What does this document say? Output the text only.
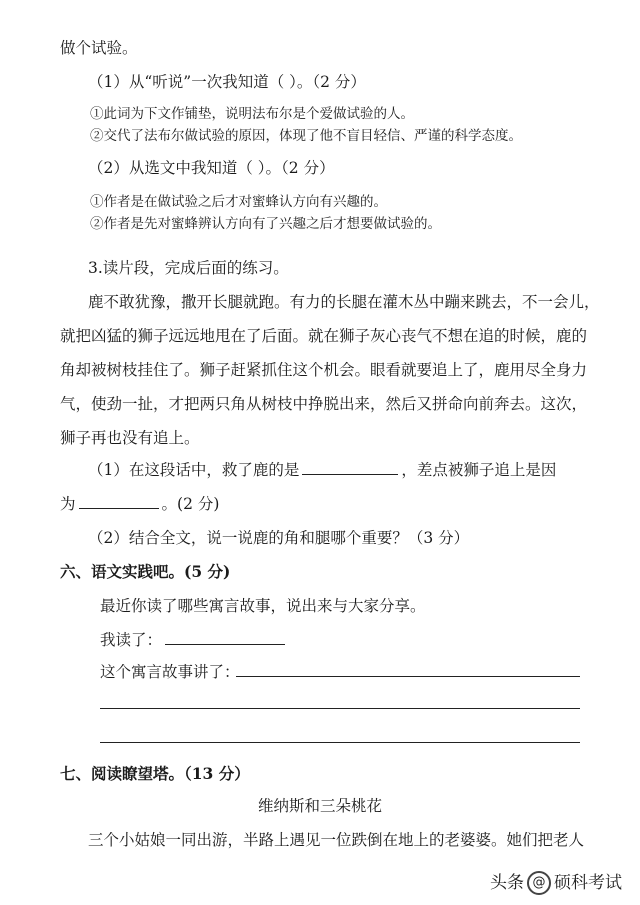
做个试验。
（1）从“听说”一次我知道（ ）。（2 分）
①此词为下文作铺垫，说明法布尔是个爱做试验的人。
②交代了法布尔做试验的原因，体现了他不盲目轻信、严谨的科学态度。
（2）从选文中我知道（ ）。（2 分）
①作者是在做试验之后才对蜜蜂认方向有兴趣的。
②作者是先对蜜蜂辨认方向有了兴趣之后才想要做试验的。
3.读片段，完成后面的练习。
鹿不敢犹豫，撒开长腿就跑。有力的长腿在灌木丛中蹦来跳去，不一会儿，
就把凶猛的狮子远远地甩在了后面。就在狮子灰心丧气不想在追的时候，鹿的
角却被树枝挂住了。狮子赶紧抓住这个机会。眼看就要追上了，鹿用尽全身力
气，使劲一扯，才把两只角从树枝中挣脱出来，然后又拼命向前奔去。这次，
狮子再也没有追上。
（1）在这段话中，救了鹿的是	，差点被狮子追上是因
为	。(2 分)
（2）结合全文，说一说鹿的角和腿哪个重要？（3 分）
六、语文实践吧。(5 分)
最近你读了哪些寓言故事，说出来与大家分享。
我读了：
这个寓言故事讲了：
七、阅读瞭望塔。（13 分）
维纳斯和三朵桃花
三个小姑娘一同出游，半路上遇见一位跌倒在地上的老婆婆。她们把老人
头条 @ 硕科考试
